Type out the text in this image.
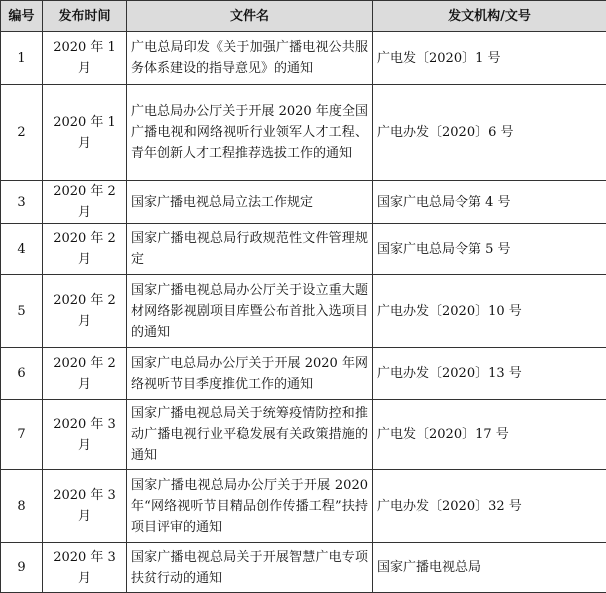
编号	发布时间	文件名	发文机构/文号
1	2020 年 1 月	广电总局印发《关于加强广播电视公共服务体系建设的指导意见》的通知	广电发〔2020〕1 号
2	2020 年 1 月	广电总局办公厅关于开展 2020 年度全国广播电视和网络视听行业领军人才工程、青年创新人才工程推荐选拔工作的通知	广电办发〔2020〕6 号
3	2020 年 2 月	国家广播电视总局立法工作规定	国家广电总局令第 4 号
4	2020 年 2 月	国家广播电视总局行政规范性文件管理规定	国家广电总局令第 5 号
5	2020 年 2 月	国家广播电视总局办公厅关于设立重大题材网络影视剧项目库暨公布首批入选项目的通知	广电办发〔2020〕10 号
6	2020 年 2 月	国家广电总局办公厅关于开展 2020 年网络视听节目季度推优工作的通知	广电办发〔2020〕13 号
7	2020 年 3 月	国家广播电视总局关于统筹疫情防控和推动广播电视行业平稳发展有关政策措施的通知	广电发〔2020〕17 号
8	2020 年 3 月	国家广播电视总局办公厅关于开展 2020 年“网络视听节目精品创作传播工程”扶持项目评审的通知	广电办发〔2020〕32 号
9	2020 年 3 月	国家广播电视总局关于开展智慧广电专项扶贫行动的通知	国家广播电视总局
